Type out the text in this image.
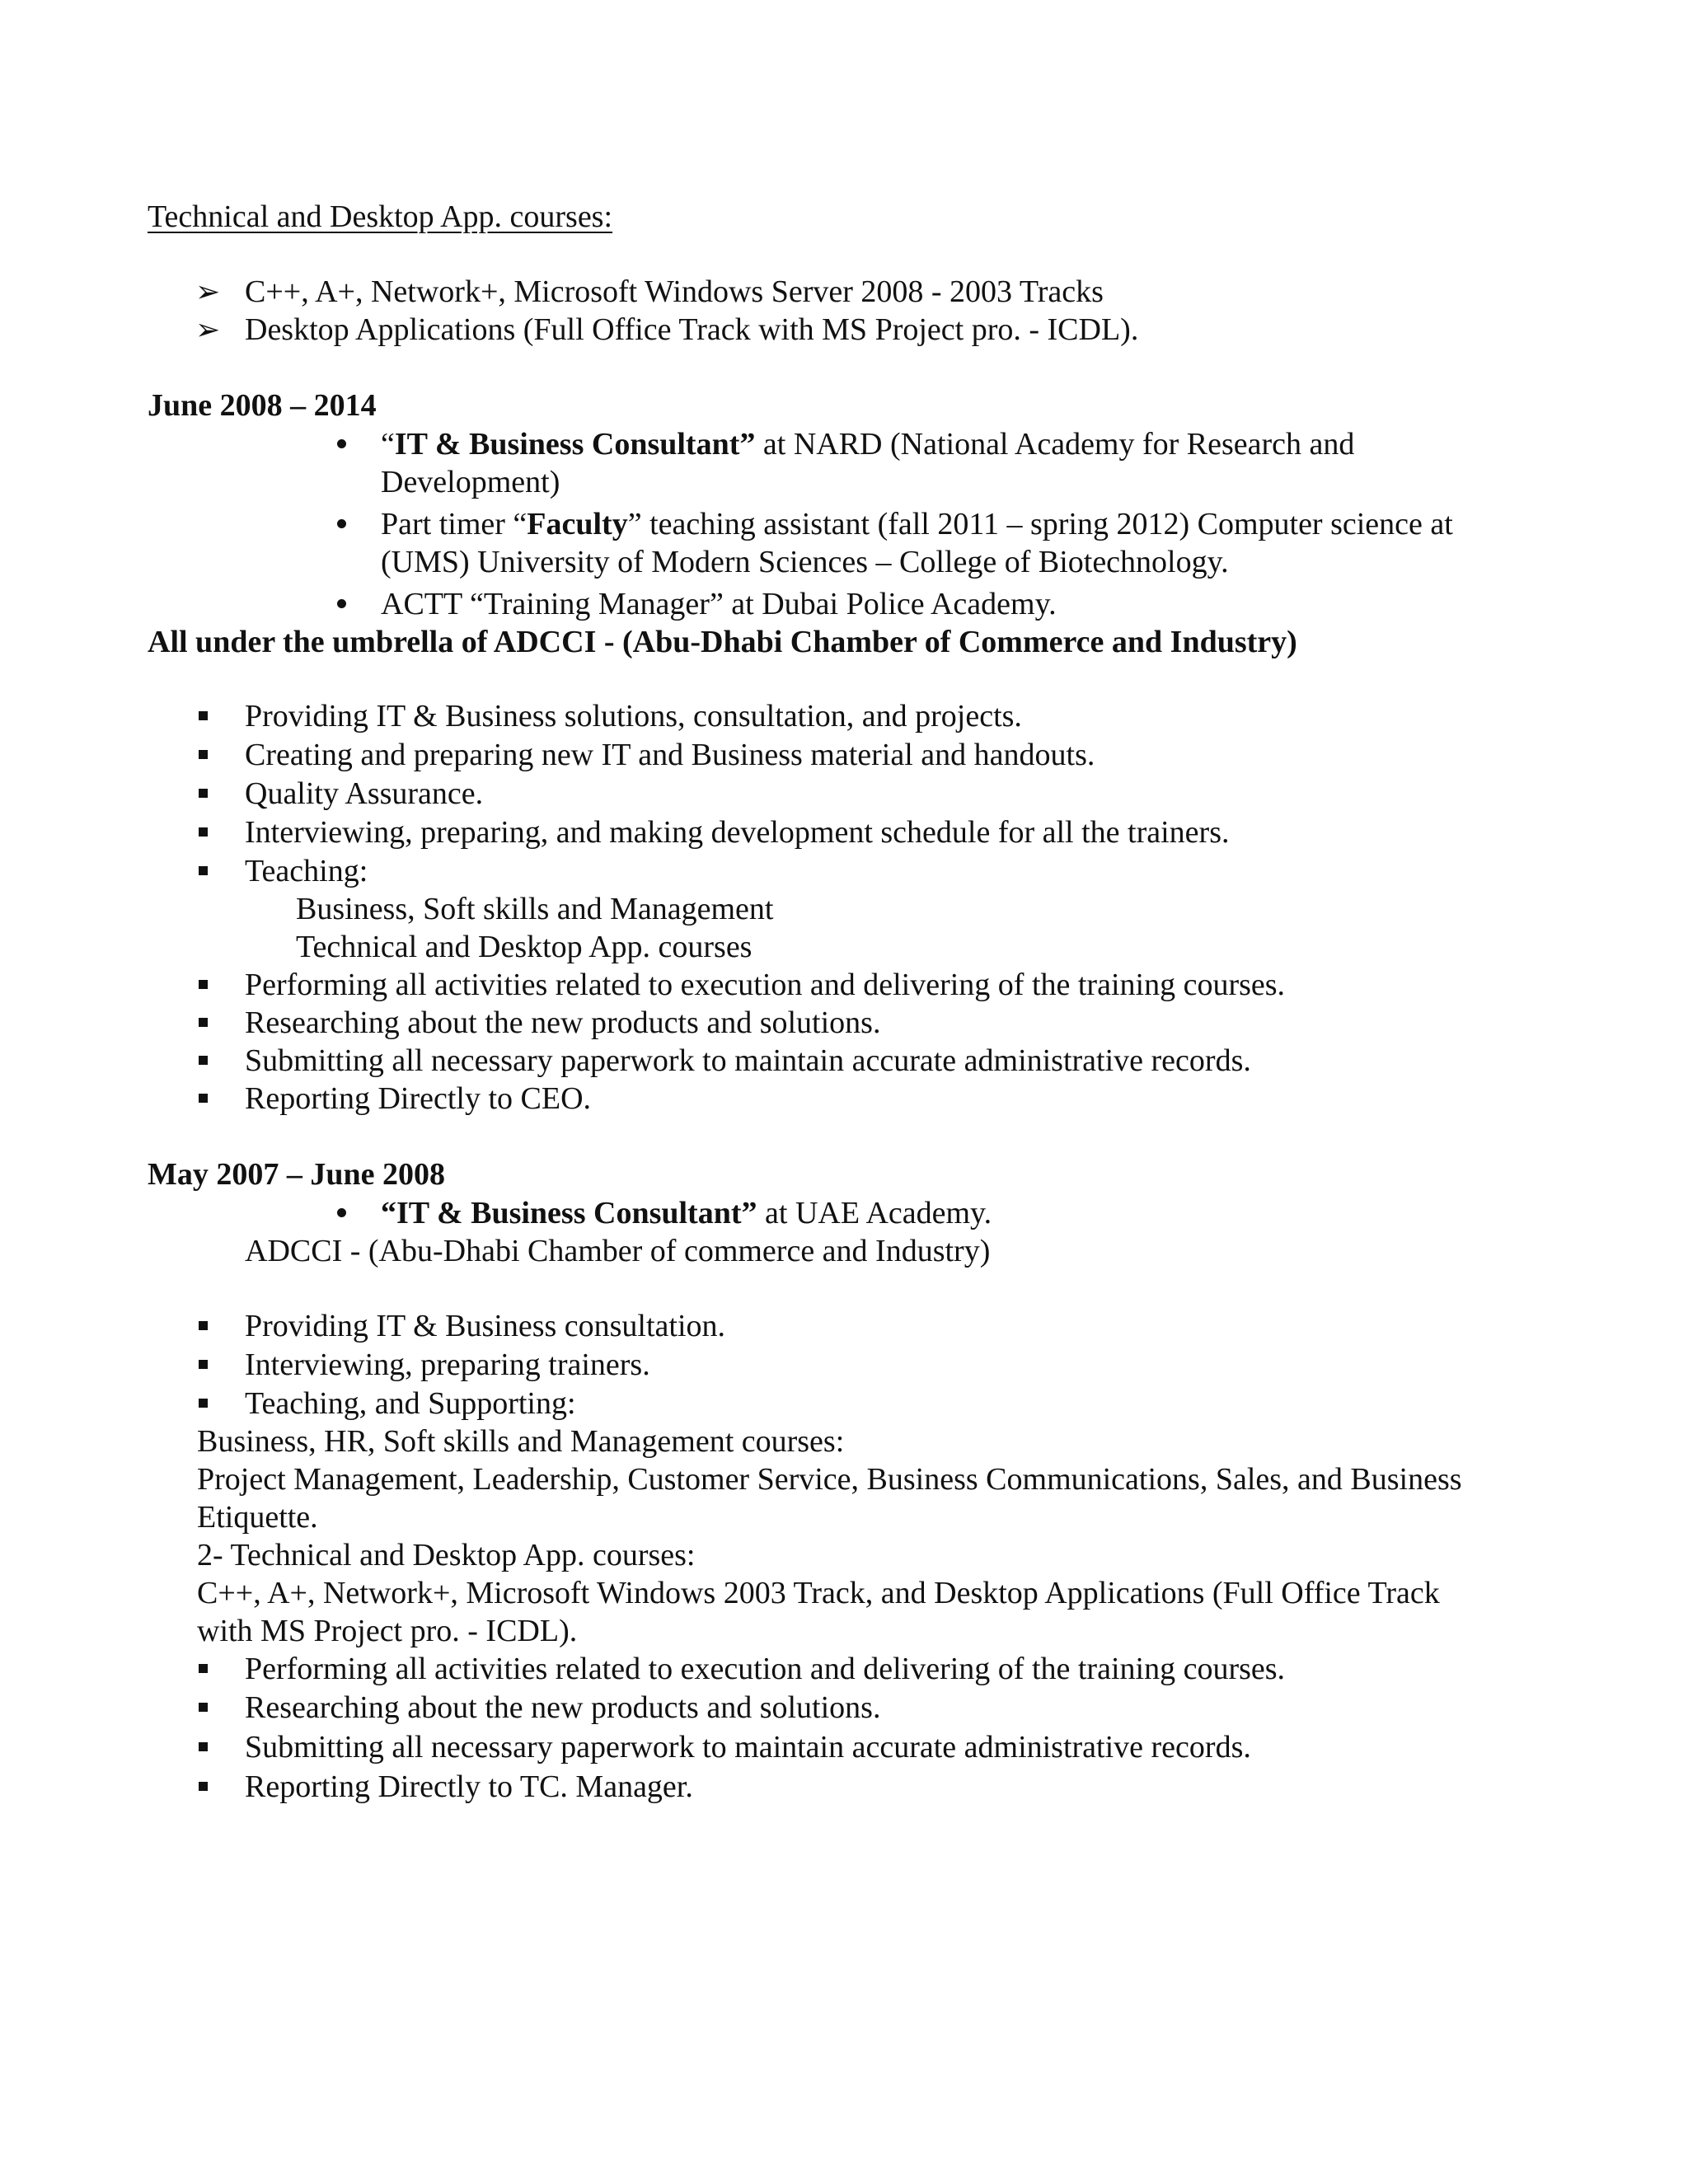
Technical and Desktop App. courses:
➢ C++, A+, Network+, Microsoft Windows Server 2008 - 2003 Tracks
➢ Desktop Applications (Full Office Track with MS Project pro. - ICDL).
June 2008 – 2014
“IT & Business Consultant” at NARD (National Academy for Research and
Development)
Part timer “Faculty” teaching assistant (fall 2011 – spring 2012) Computer science at
(UMS) University of Modern Sciences – College of Biotechnology.
ACTT “Training Manager” at Dubai Police Academy.
All under the umbrella of ADCCI - (Abu-Dhabi Chamber of Commerce and Industry)
Providing IT & Business solutions, consultation, and projects.
Creating and preparing new IT and Business material and handouts.
Quality Assurance.
Interviewing, preparing, and making development schedule for all the trainers.
Teaching:
Business, Soft skills and Management
Technical and Desktop App. courses
Performing all activities related to execution and delivering of the training courses.
Researching about the new products and solutions.
Submitting all necessary paperwork to maintain accurate administrative records.
Reporting Directly to CEO.
May 2007 – June 2008
“IT & Business Consultant” at UAE Academy.
ADCCI - (Abu-Dhabi Chamber of commerce and Industry)
Providing IT & Business consultation.
Interviewing, preparing trainers.
Teaching, and Supporting:
Business, HR, Soft skills and Management courses:
Project Management, Leadership, Customer Service, Business Communications, Sales, and Business
Etiquette.
2- Technical and Desktop App. courses:
C++, A+, Network+, Microsoft Windows 2003 Track, and Desktop Applications (Full Office Track
with MS Project pro. - ICDL).
Performing all activities related to execution and delivering of the training courses.
Researching about the new products and solutions.
Submitting all necessary paperwork to maintain accurate administrative records.
Reporting Directly to TC. Manager.
